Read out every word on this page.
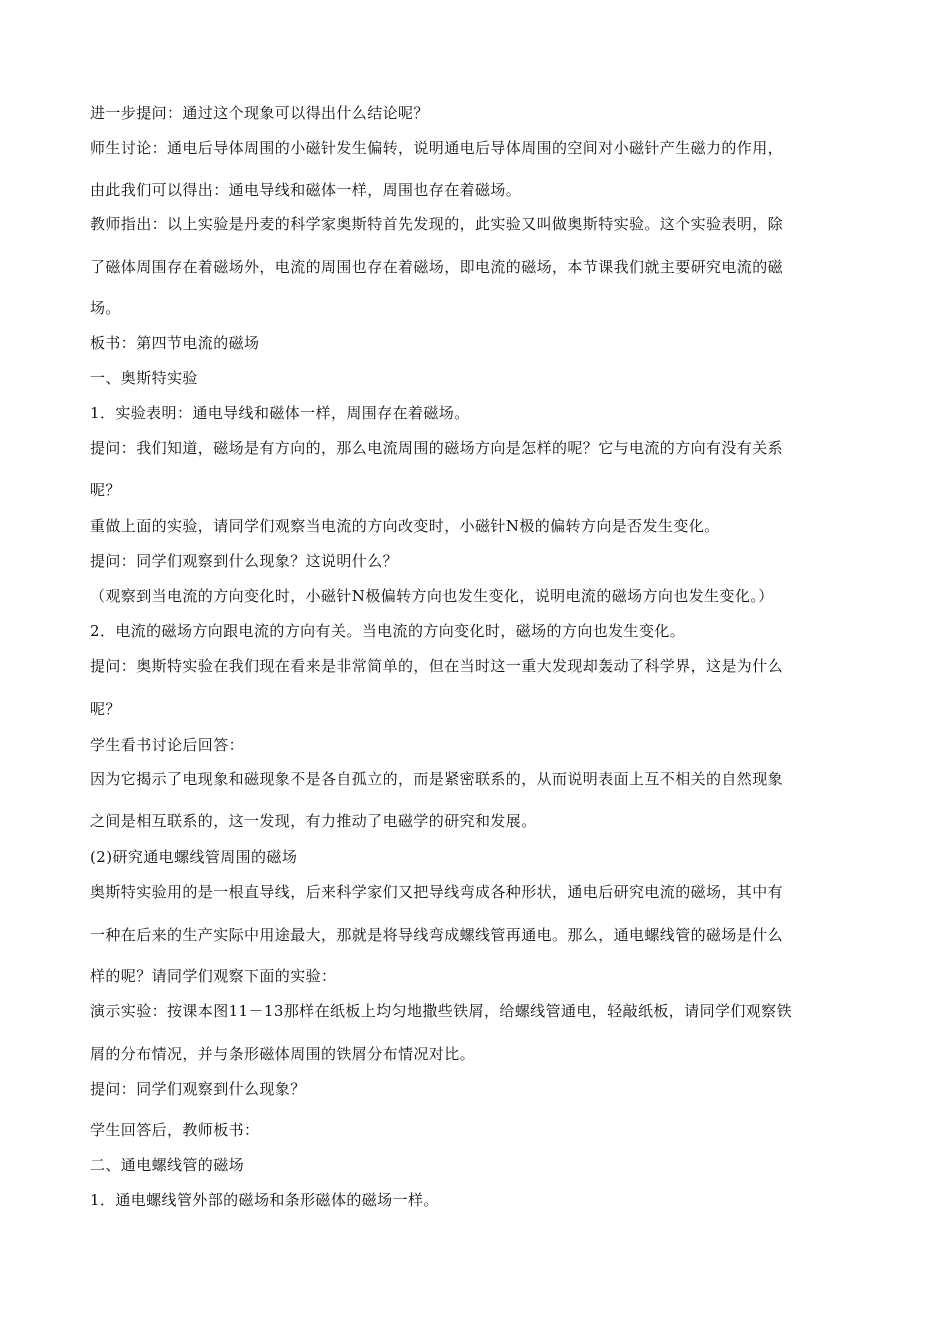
进一步提问：通过这个现象可以得出什么结论呢？
师生讨论：通电后导体周围的小磁针发生偏转，说明通电后导体周围的空间对小磁针产生磁力的作用，
由此我们可以得出：通电导线和磁体一样，周围也存在着磁场。
教师指出：以上实验是丹麦的科学家奥斯特首先发现的，此实验又叫做奥斯特实验。这个实验表明，除
了磁体周围存在着磁场外，电流的周围也存在着磁场，即电流的磁场，本节课我们就主要研究电流的磁
场。
板书：第四节电流的磁场
一、奥斯特实验
1．实验表明：通电导线和磁体一样，周围存在着磁场。
提问：我们知道，磁场是有方向的，那么电流周围的磁场方向是怎样的呢？它与电流的方向有没有关系
呢？
重做上面的实验，请同学们观察当电流的方向改变时，小磁针N极的偏转方向是否发生变化。
提问：同学们观察到什么现象？这说明什么？
（观察到当电流的方向变化时，小磁针N极偏转方向也发生变化，说明电流的磁场方向也发生变化。）
2．电流的磁场方向跟电流的方向有关。当电流的方向变化时，磁场的方向也发生变化。
提问：奥斯特实验在我们现在看来是非常简单的，但在当时这一重大发现却轰动了科学界，这是为什么
呢？
学生看书讨论后回答：
因为它揭示了电现象和磁现象不是各自孤立的，而是紧密联系的，从而说明表面上互不相关的自然现象
之间是相互联系的，这一发现，有力推动了电磁学的研究和发展。
(2)研究通电螺线管周围的磁场
奥斯特实验用的是一根直导线，后来科学家们又把导线弯成各种形状，通电后研究电流的磁场，其中有
一种在后来的生产实际中用途最大，那就是将导线弯成螺线管再通电。那么，通电螺线管的磁场是什么
样的呢？请同学们观察下面的实验：
演示实验：按课本图11－13那样在纸板上均匀地撒些铁屑，给螺线管通电，轻敲纸板，请同学们观察铁
屑的分布情况，并与条形磁体周围的铁屑分布情况对比。
提问：同学们观察到什么现象？
学生回答后，教师板书：
二、通电螺线管的磁场
1．通电螺线管外部的磁场和条形磁体的磁场一样。
